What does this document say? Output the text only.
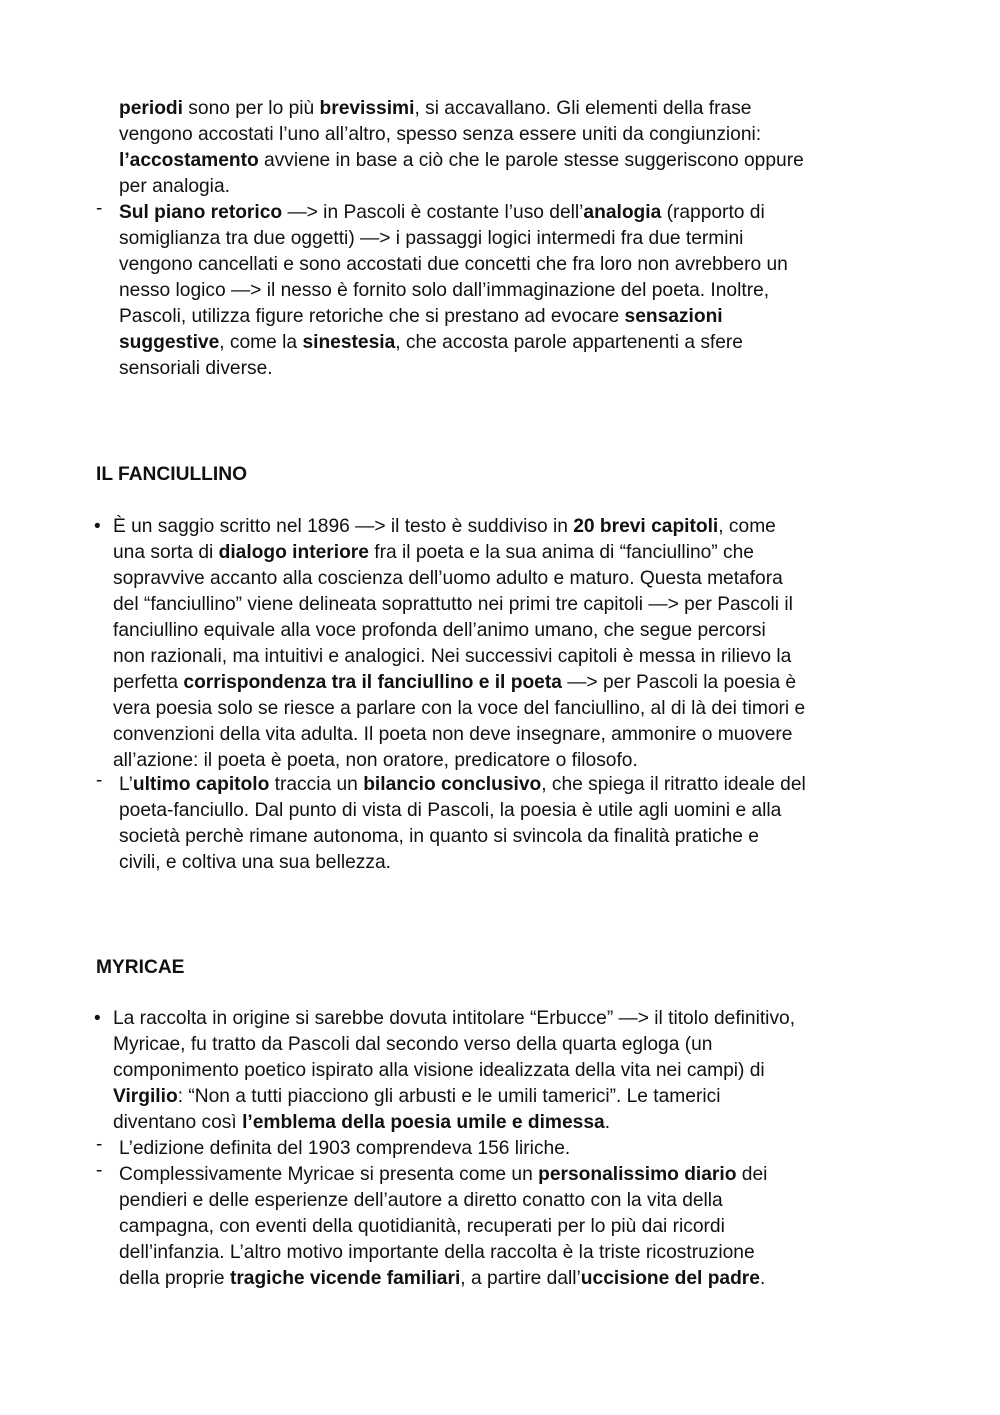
periodi sono per lo più brevissimi, si accavallano. Gli elementi della frase
vengono accostati l’uno all’altro, spesso senza essere uniti da congiunzioni:
l’accostamento avviene in base a ciò che le parole stesse suggeriscono oppure
per analogia.
- Sul piano retorico —> in Pascoli è costante l’uso dell’analogia (rapporto di
somiglianza tra due oggetti) —> i passaggi logici intermedi fra due termini
vengono cancellati e sono accostati due concetti che fra loro non avrebbero un
nesso logico —> il nesso è fornito solo dall’immaginazione del poeta. Inoltre,
Pascoli, utilizza figure retoriche che si prestano ad evocare sensazioni
suggestive, come la sinestesia, che accosta parole appartenenti a sfere
sensoriali diverse.
IL FANCIULLINO
• È un saggio scritto nel 1896 —> il testo è suddiviso in 20 brevi capitoli, come
una sorta di dialogo interiore fra il poeta e la sua anima di “fanciullino” che
sopravvive accanto alla coscienza dell’uomo adulto e maturo. Questa metafora
del “fanciullino” viene delineata soprattutto nei primi tre capitoli —> per Pascoli il
fanciullino equivale alla voce profonda dell’animo umano, che segue percorsi
non razionali, ma intuitivi e analogici. Nei successivi capitoli è messa in rilievo la
perfetta corrispondenza tra il fanciullino e il poeta —> per Pascoli la poesia è
vera poesia solo se riesce a parlare con la voce del fanciullino, al di là dei timori e
convenzioni della vita adulta. Il poeta non deve insegnare, ammonire o muovere
all’azione: il poeta è poeta, non oratore, predicatore o filosofo.
- L’ultimo capitolo traccia un bilancio conclusivo, che spiega il ritratto ideale del
poeta-fanciullo. Dal punto di vista di Pascoli, la poesia è utile agli uomini e alla
società perchè rimane autonoma, in quanto si svincola da finalità pratiche e
civili, e coltiva una sua bellezza.
MYRICAE
• La raccolta in origine si sarebbe dovuta intitolare “Erbucce” —> il titolo definitivo,
Myricae, fu tratto da Pascoli dal secondo verso della quarta egloga (un
componimento poetico ispirato alla visione idealizzata della vita nei campi) di
Virgilio: “Non a tutti piacciono gli arbusti e le umili tamerici”. Le tamerici
diventano così l’emblema della poesia umile e dimessa.
- L’edizione definita del 1903 comprendeva 156 liriche.
- Complessivamente Myricae si presenta come un personalissimo diario dei
pendieri e delle esperienze dell’autore a diretto conatto con la vita della
campagna, con eventi della quotidianità, recuperati per lo più dai ricordi
dell’infanzia. L’altro motivo importante della raccolta è la triste ricostruzione
della proprie tragiche vicende familiari, a partire dall’uccisione del padre.
